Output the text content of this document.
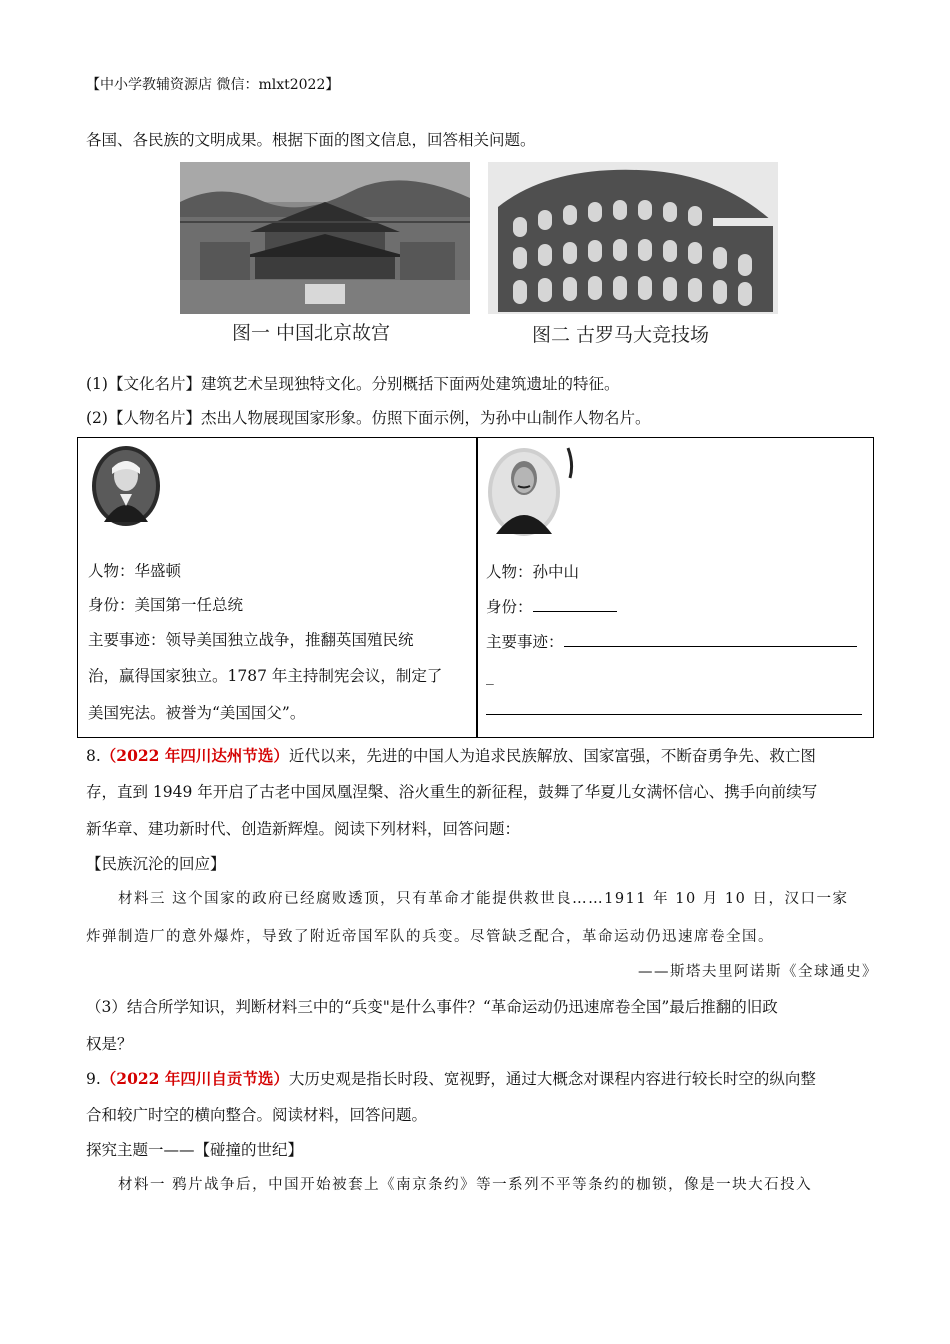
【中小学教辅资源店 微信：mlxt2022】
各国、各民族的文明成果。根据下面的图文信息，回答相关问题。
图一 中国北京故宫	图二 古罗马大竞技场
(1)【文化名片】建筑艺术呈现独特文化。分别概括下面两处建筑遗址的特征。
(2)【人物名片】杰出人物展现国家形象。仿照下面示例，为孙中山制作人物名片。
人物：华盛顿
身份：美国第一任总统
主要事迹：领导美国独立战争，推翻英国殖民统
治，赢得国家独立。1787 年主持制宪会议，制定了
美国宪法。被誉为“美国国父”。
人物：孙中山
身份：
主要事迹：
_
8.（2022 年四川达州节选）近代以来，先进的中国人为追求民族解放、国家富强，不断奋勇争先、救亡图
存，直到 1949 年开启了古老中国凤凰涅槃、浴火重生的新征程，鼓舞了华夏儿女满怀信心、携手向前续写
新华章、建功新时代、创造新辉煌。阅读下列材料，回答问题：
【民族沉沦的回应】
材料三 这个国家的政府已经腐败透顶，只有革命才能提供救世良……1911 年 10 月 10 日，汉口一家
炸弹制造厂的意外爆炸，导致了附近帝国军队的兵变。尽管缺乏配合，革命运动仍迅速席卷全国。
——斯塔夫里阿诺斯《全球通史》
（3）结合所学知识，判断材料三中的“兵变"是什么事件？“革命运动仍迅速席卷全国”最后推翻的旧政
权是？
9.（2022 年四川自贡节选）大历史观是指长时段、宽视野，通过大概念对课程内容进行较长时空的纵向整
合和较广时空的横向整合。阅读材料，回答问题。
探究主题一——【碰撞的世纪】
材料一 鸦片战争后，中国开始被套上《南京条约》等一系列不平等条约的枷锁，像是一块大石投入
